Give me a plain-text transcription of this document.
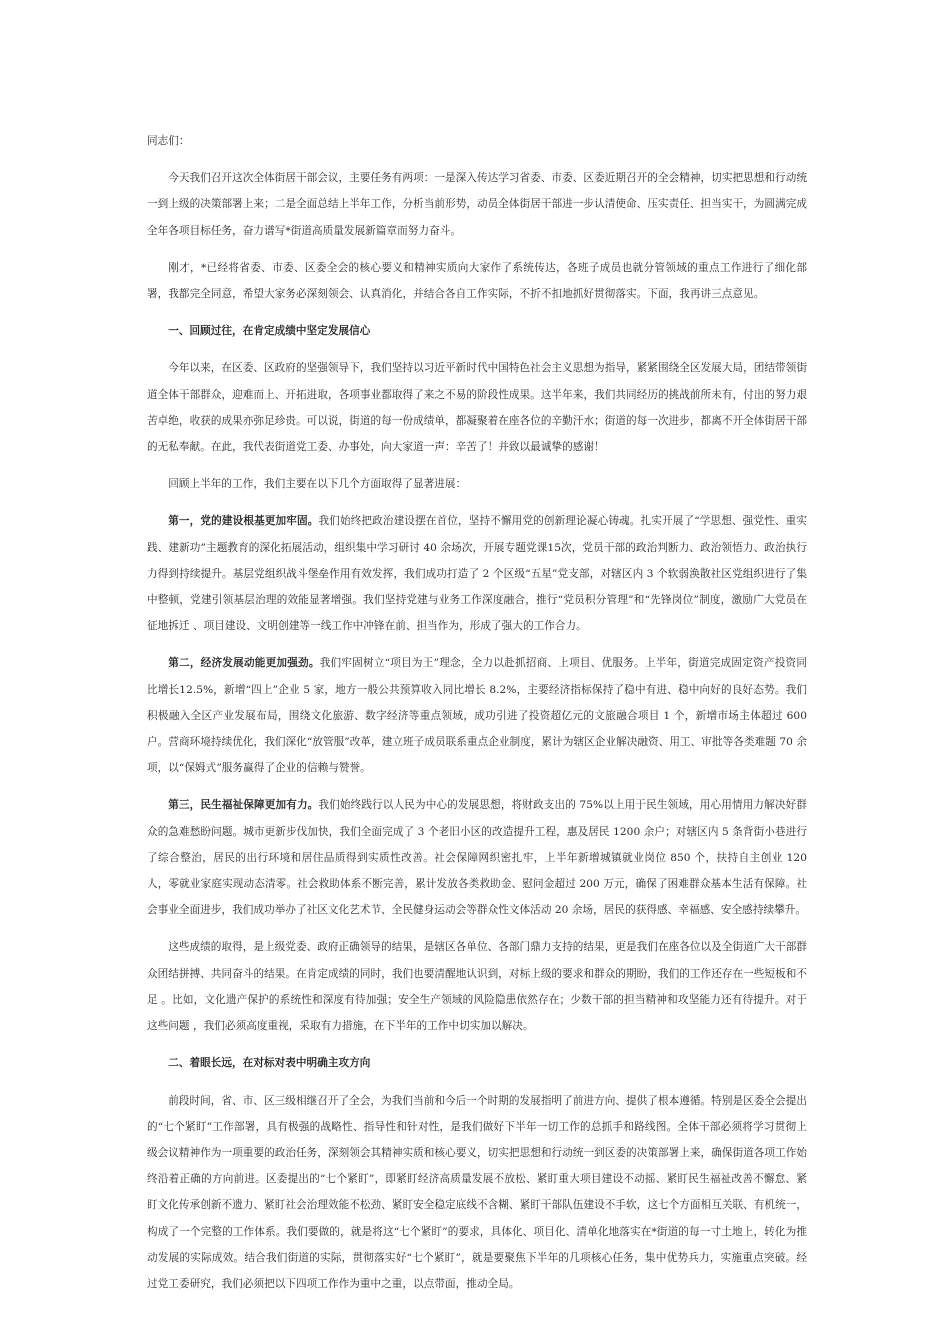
同志们：

今天我们召开这次全体街居干部会议，主要任务有两项：一是深入传达学习省委、市委、区委近期召开的全会精神，切实把思想和行动统一到上级的决策部署上来；二是全面总结上半年工作，分析当前形势，动员全体街居干部进一步认清使命、压实责任、担当实干，为圆满完成全年各项目标任务，奋力谱写*街道高质量发展新篇章而努力奋斗。

刚才，*已经将省委、市委、区委全会的核心要义和精神实质向大家作了系统传达，各班子成员也就分管领域的重点工作进行了细化部署，我都完全同意，希望大家务必深刻领会、认真消化，并结合各自工作实际，不折不扣地抓好贯彻落实。下面，我再讲三点意见。

一、回顾过往，在肯定成绩中坚定发展信心

今年以来，在区委、区政府的坚强领导下，我们坚持以习近平新时代中国特色社会主义思想为指导，紧紧围绕全区发展大局，团结带领街道全体干部群众，迎难而上、开拓进取，各项事业都取得了来之不易的阶段性成果。这半年来，我们共同经历的挑战前所未有，付出的努力艰苦卓绝，收获的成果亦弥足珍贵。可以说，街道的每一份成绩单，都凝聚着在座各位的辛勤汗水；街道的每一次进步，都离不开全体街居干部的无私奉献。在此，我代表街道党工委、办事处，向大家道一声：辛苦了！并致以最诚挚的感谢！

回顾上半年的工作，我们主要在以下几个方面取得了显著进展：

第一，党的建设根基更加牢固。我们始终把政治建设摆在首位，坚持不懈用党的创新理论凝心铸魂。扎实开展了“学思想、强党性、重实践、建新功”主题教育的深化拓展活动，组织集中学习研讨 40 余场次，开展专题党课15次，党员干部的政治判断力、政治领悟力、政治执行力得到持续提升。基层党组织战斗堡垒作用有效发挥，我们成功打造了 2 个区级“五星”党支部，对辖区内 3 个软弱涣散社区党组织进行了集中整顿，党建引领基层治理的效能显著增强。我们坚持党建与业务工作深度融合，推行“党员积分管理”和“先锋岗位”制度，激励广大党员在征地拆迁 、项目建设、文明创建等一线工作中冲锋在前、担当作为，形成了强大的工作合力。

第二，经济发展动能更加强劲。我们牢固树立“项目为王”理念，全力以赴抓招商、上项目、优服务。上半年，街道完成固定资产投资同比增长12.5%，新增“四上”企业 5 家，地方一般公共预算收入同比增长 8.2%，主要经济指标保持了稳中有进、稳中向好的良好态势。我们积极融入全区产业发展布局，围绕文化旅游、数字经济等重点领域，成功引进了投资超亿元的文旅融合项目 1 个，新增市场主体超过 600 户。营商环境持续优化，我们深化“放管服”改革，建立班子成员联系重点企业制度，累计为辖区企业解决融资、用工、审批等各类难题 70 余项，以“保姆式”服务赢得了企业的信赖与赞誉。

第三，民生福祉保障更加有力。我们始终践行以人民为中心的发展思想，将财政支出的 75%以上用于民生领域，用心用情用力解决好群众的急难愁盼问题。城市更新步伐加快，我们全面完成了 3 个老旧小区的改造提升工程，惠及居民 1200 余户；对辖区内 5 条背街小巷进行了综合整治，居民的出行环境和居住品质得到实质性改善。社会保障网织密扎牢，上半年新增城镇就业岗位 850 个，扶持自主创业 120 人，零就业家庭实现动态清零。社会救助体系不断完善，累计发放各类救助金、慰问金超过 200 万元，确保了困难群众基本生活有保障。社会事业全面进步，我们成功举办了社区文化艺术节、全民健身运动会等群众性文体活动 20 余场，居民的获得感、幸福感、安全感持续攀升。

这些成绩的取得，是上级党委、政府正确领导的结果，是辖区各单位、各部门鼎力支持的结果，更是我们在座各位以及全街道广大干部群众团结拼搏、共同奋斗的结果。在肯定成绩的同时，我们也要清醒地认识到，对标上级的要求和群众的期盼，我们的工作还存在一些短板和不足 。比如，文化遗产保护的系统性和深度有待加强；安全生产领域的风险隐患依然存在；少数干部的担当精神和攻坚能力还有待提升。对于这些问题 ，我们必须高度重视，采取有力措施，在下半年的工作中切实加以解决。

二、着眼长远，在对标对表中明确主攻方向

前段时间，省、市、区三级相继召开了全会，为我们当前和今后一个时期的发展指明了前进方向、提供了根本遵循。特别是区委全会提出的“七个紧盯”工作部署，具有极强的战略性、指导性和针对性，是我们做好下半年一切工作的总抓手和路线图。全体干部必须将学习贯彻上级会议精神作为一项重要的政治任务，深刻领会其精神实质和核心要义，切实把思想和行动统一到区委的决策部署上来，确保街道各项工作始终沿着正确的方向前进。区委提出的“七个紧盯”，即紧盯经济高质量发展不放松、紧盯重大项目建设不动摇、紧盯民生福祉改善不懈怠、紧盯文化传承创新不遗力、紧盯社会治理效能不松劲、紧盯安全稳定底线不含糊、紧盯干部队伍建设不手软，这七个方面相互关联、有机统一，构成了一个完整的工作体系。我们要做的，就是将这“七个紧盯”的要求，具体化、项目化、清单化地落实在*街道的每一寸土地上，转化为推动发展的实际成效。结合我们街道的实际，贯彻落实好“七个紧盯”，就是要聚焦下半年的几项核心任务，集中优势兵力，实施重点突破。经过党工委研究，我们必须把以下四项工作作为重中之重，以点带面，推动全局。
